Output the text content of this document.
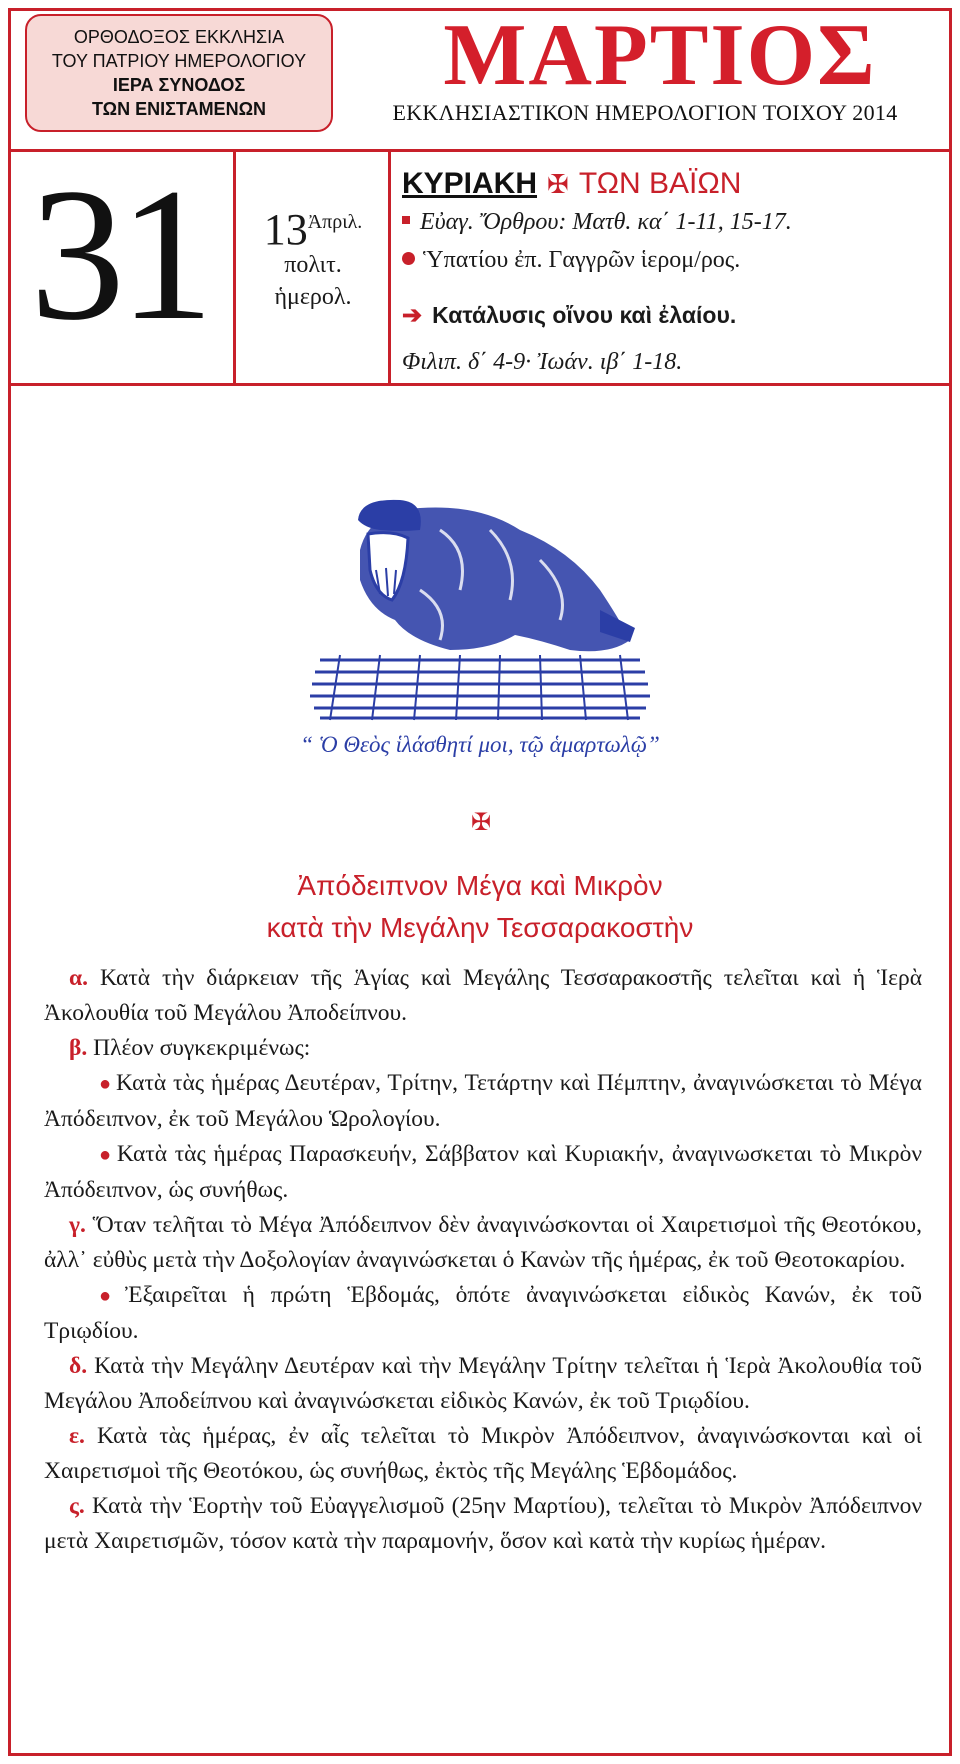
ΟΡΘΟΔΟΞΟΣ ΕΚΚΛΗΣΙΑ
ΤΟΥ ΠΑΤΡΙΟΥ ΗΜΕΡΟΛΟΓΙΟΥ
ΙΕΡΑ ΣΥΝΟΔΟΣ
ΤΩΝ ΕΝΙΣΤΑΜΕΝΩΝ
ΜΑΡΤΙΟΣ
ΕΚΚΛΗΣΙΑΣΤΙΚΟΝ ΗΜΕΡΟΛΟΓΙΟΝ ΤΟΙΧΟΥ 2014
31	$13^{Ἀ\pi\rho\iota\lambda.}$
πολιτ.
ἡμερολ.
ΚΥΡΙΑΚΗ ✠ ΤΩΝ ΒΑΪΩΝ
Εὐαγ. Ὄρθρου: Ματθ. κα΄ 1-11, 15-17.
Ὑπατίου ἐπ. Γαγγρῶν ἱερομ/ρος.
➔ Κατάλυσις οἴνου καὶ ἐλαίου.
Φιλιπ. δ΄ 4-9· Ἰωάν. ιβ΄ 1-18.
“ Ὁ Θεὸς ἱλάσθητί μοι, τῷ ἁμαρτωλῷ”
✠
Ἀπόδειπνον Μέγα καὶ Μικρὸν
κατὰ τὴν Μεγάλην Τεσσαρακοστὴν

α. Κατὰ τὴν διάρκειαν τῆς Ἁγίας καὶ Μεγάλης Τεσσαρακοστῆς τελεῖται καὶ ἡ Ἱερὰ Ἀκολουθία τοῦ Μεγάλου Ἀποδείπνου.

β. Πλέον συγκεκριμένως:

● Κατὰ τὰς ἡμέρας Δευτέραν, Τρίτην, Τετάρτην καὶ Πέμπτην, ἀναγινώσκεται τὸ Μέγα Ἀπόδειπνον, ἐκ τοῦ Μεγάλου Ὡρολογίου.

● Κατὰ τὰς ἡμέρας Παρασκευήν, Σάββατον καὶ Κυριακήν, ἀναγινωσκεται τὸ Μικρὸν Ἀπόδειπνον, ὡς συνήθως.

γ. Ὅταν τελῆται τὸ Μέγα Ἀπόδειπνον δὲν ἀναγινώσκονται οἱ Χαιρετισμοὶ τῆς Θεοτόκου, ἀλλ᾿ εὐθὺς μετὰ τὴν Δοξολογίαν ἀναγινώσκεται ὁ Κανὼν τῆς ἡμέρας, ἐκ τοῦ Θεοτοκαρίου.

● Ἐξαιρεῖται ἡ πρώτη Ἑβδομάς, ὁπότε ἀναγινώσκεται εἰδικὸς Κανών, ἐκ τοῦ Τριῳδίου.

δ. Κατὰ τὴν Μεγάλην Δευτέραν καὶ τὴν Μεγάλην Τρίτην τελεῖται ἡ Ἱερὰ Ἀκολουθία τοῦ Μεγάλου Ἀποδείπνου καὶ ἀναγινώσκεται εἰδικὸς Κανών, ἐκ τοῦ Τριῳδίου.

ε. Κατὰ τὰς ἡμέρας, ἐν αἷς τελεῖται τὸ Μικρὸν Ἀπόδειπνον, ἀναγινώσκονται καὶ οἱ Χαιρετισμοὶ τῆς Θεοτόκου, ὡς συνήθως, ἐκτὸς τῆς Μεγάλης Ἑβδομάδος.

ς. Κατὰ τὴν Ἑορτὴν τοῦ Εὐαγγελισμοῦ (25ην Μαρτίου), τελεῖται τὸ Μικρὸν Ἀπόδειπνον μετὰ Χαιρετισμῶν, τόσον κατὰ τὴν παραμονήν, ὅσον καὶ κατὰ τὴν κυρίως ἡμέραν.
